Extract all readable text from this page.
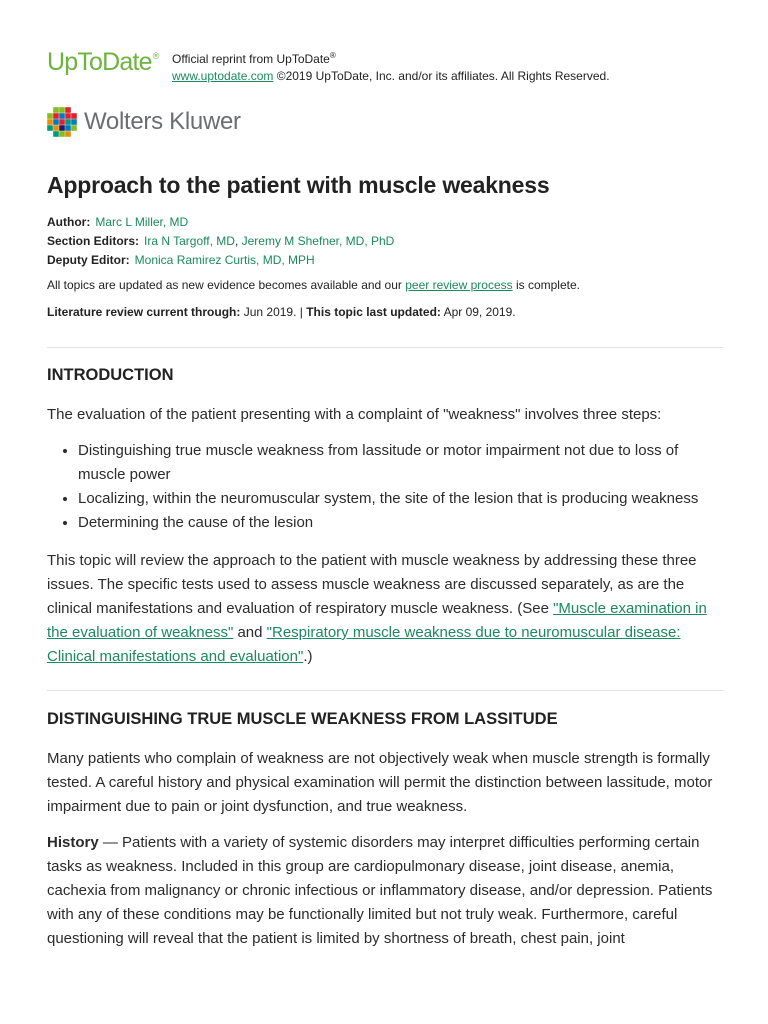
UpToDate® Official reprint from UpToDate®
www.uptodate.com ©2019 UpToDate, Inc. and/or its affiliates. All Rights Reserved.
Wolters Kluwer
Approach to the patient with muscle weakness
Author: Marc L Miller, MD
Section Editors: Ira N Targoff, MD, Jeremy M Shefner, MD, PhD
Deputy Editor: Monica Ramirez Curtis, MD, MPH
All topics are updated as new evidence becomes available and our peer review process is complete.
Literature review current through: Jun 2019. | This topic last updated: Apr 09, 2019.
INTRODUCTION

The evaluation of the patient presenting with a complaint of "weakness" involves three steps:

• Distinguishing true muscle weakness from lassitude or motor impairment not due to loss of muscle power
• Localizing, within the neuromuscular system, the site of the lesion that is producing weakness
• Determining the cause of the lesion

This topic will review the approach to the patient with muscle weakness by addressing these three issues. The specific tests used to assess muscle weakness are discussed separately, as are the clinical manifestations and evaluation of respiratory muscle weakness. (See "Muscle examination in the evaluation of weakness" and "Respiratory muscle weakness due to neuromuscular disease: Clinical manifestations and evaluation".)

DISTINGUISHING TRUE MUSCLE WEAKNESS FROM LASSITUDE

Many patients who complain of weakness are not objectively weak when muscle strength is formally tested. A careful history and physical examination will permit the distinction between lassitude, motor impairment due to pain or joint dysfunction, and true weakness.

History — Patients with a variety of systemic disorders may interpret difficulties performing certain tasks as weakness. Included in this group are cardiopulmonary disease, joint disease, anemia, cachexia from malignancy or chronic infectious or inflammatory disease, and/or depression. Patients with any of these conditions may be functionally limited but not truly weak. Furthermore, careful questioning will reveal that the patient is limited by shortness of breath, chest pain, joint
